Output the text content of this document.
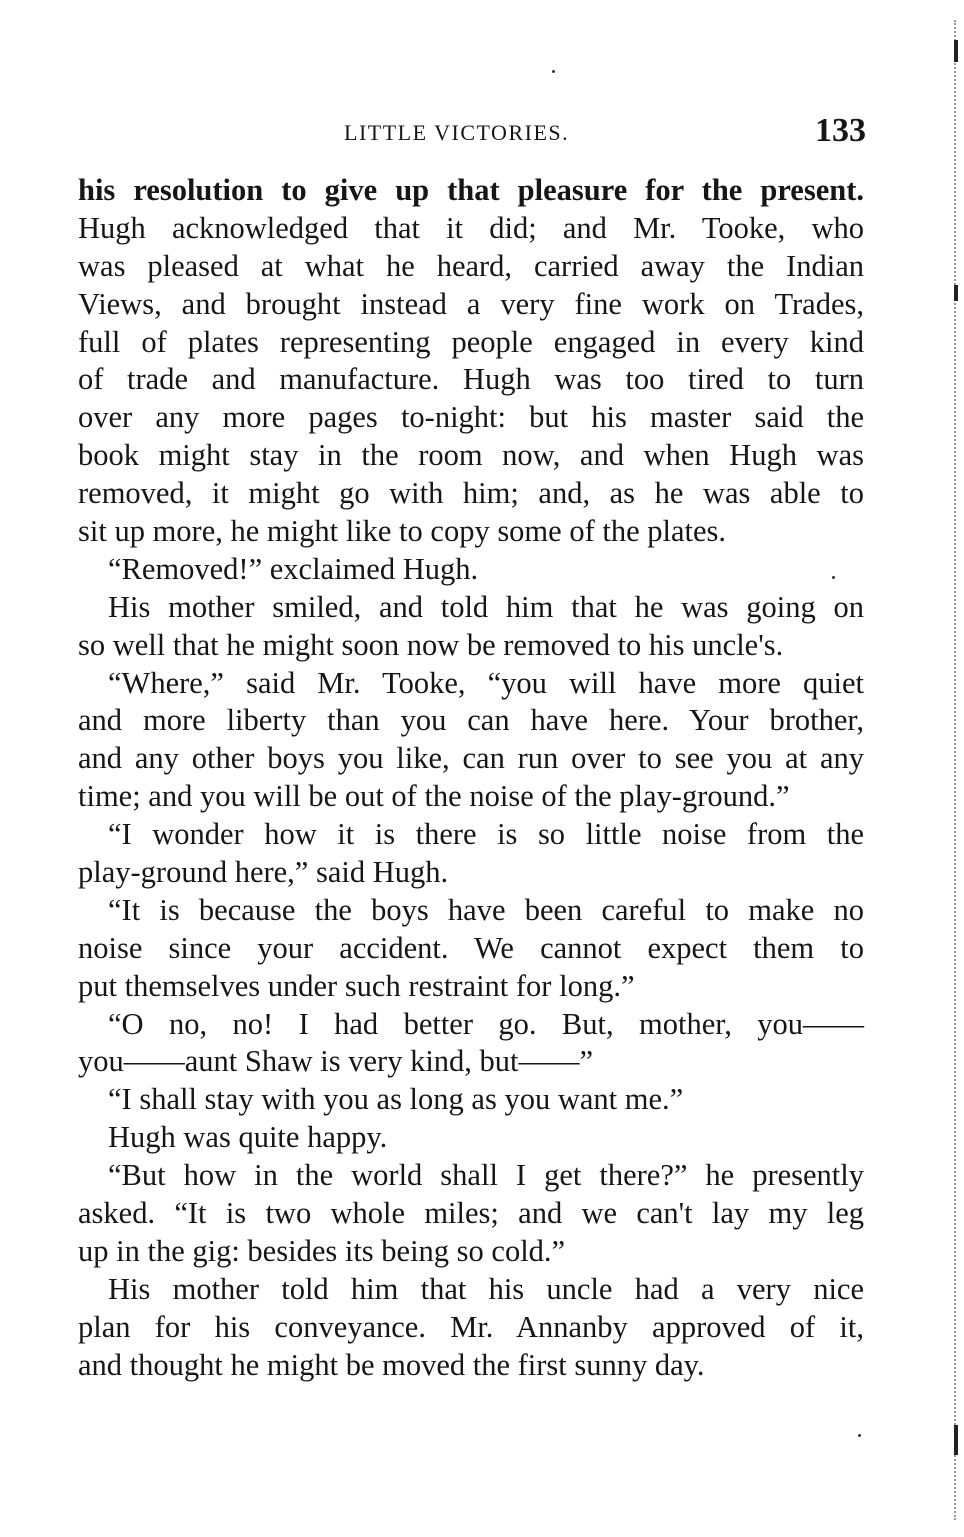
LITTLE VICTORIES.	133
his resolution to give up that pleasure for the present.
Hugh acknowledged that it did; and Mr. Tooke, who
was pleased at what he heard, carried away the Indian
Views, and brought instead a very fine work on Trades,
full of plates representing people engaged in every kind
of trade and manufacture. Hugh was too tired to turn
over any more pages to-night: but his master said the
book might stay in the room now, and when Hugh was
removed, it might go with him; and, as he was able to
sit up more, he might like to copy some of the plates.
“Removed!” exclaimed Hugh.
His mother smiled, and told him that he was going on
so well that he might soon now be removed to his uncle's.
“Where,” said Mr. Tooke, “you will have more quiet
and more liberty than you can have here. Your brother,
and any other boys you like, can run over to see you at any
time; and you will be out of the noise of the play-ground.”
“I wonder how it is there is so little noise from the
play-ground here,” said Hugh.
“It is because the boys have been careful to make no
noise since your accident. We cannot expect them to
put themselves under such restraint for long.”
“O no, no! I had better go. But, mother, you——
you——aunt Shaw is very kind, but——”
“I shall stay with you as long as you want me.”
Hugh was quite happy.
“But how in the world shall I get there?” he presently
asked. “It is two whole miles; and we can't lay my leg
up in the gig: besides its being so cold.”
His mother told him that his uncle had a very nice
plan for his conveyance. Mr. Annanby approved of it,
and thought he might be moved the first sunny day.
